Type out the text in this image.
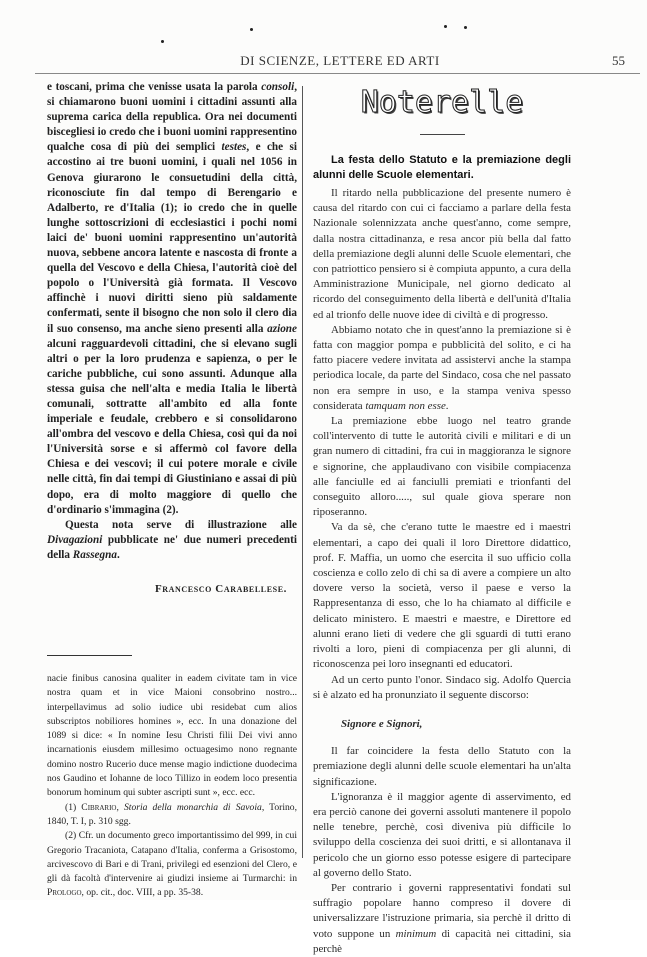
DI SCIENZE, LETTERE ED ARTI	55

e toscani, prima che venisse usata la parola consoli, si chiamarono buoni uomini i cittadini assunti alla suprema carica della republica. Ora nei documenti biscegliesi io credo che i buoni uomini rappresentino qualche cosa di più dei semplici testes, e che si accostino ai tre buoni uomini, i quali nel 1056 in Genova giurarono le consuetudini della città, riconosciute fin dal tempo di Berengario e Adalberto, re d'Italia (1); io credo che in quelle lunghe sottoscrizioni di ecclesiastici i pochi nomi laici de' buoni uomini rappresentino un'autorità nuova, sebbene ancora latente e nascosta di fronte a quella del Vescovo e della Chiesa, l'autorità cioè del popolo o l'Università già formata. Il Vescovo affinchè i nuovi diritti sieno più saldamente confermati, sente il bisogno che non solo il clero dia il suo consenso, ma anche sieno presenti alla azione alcuni ragguardevoli cittadini, che si elevano sugli altri o per la loro prudenza e sapienza, o per le cariche pubbliche, cui sono assunti. Adunque alla stessa guisa che nell'alta e media Italia le libertà comunali, sottratte all'ambito ed alla fonte imperiale e feudale, crebbero e si consolidarono all'ombra del vescovo e della Chiesa, così qui da noi l'Università sorse e si affermò col favore della Chiesa e dei vescovi; il cui potere morale e civile nelle città, fin dai tempi di Giustiniano e assai di più dopo, era di molto maggiore di quello che d'ordinario s'immagina (2).

Questa nota serve di illustrazione alle Divagazioni pubblicate ne' due numeri precedenti della Rassegna.

Francesco Carabellese.

nacie finibus canosina qualiter in eadem civitate tam in vice nostra quam et in vice Maioni consobrino nostro... interpellavimus ad solio iudice ubi residebat cum alios subscriptos nobiliores homines », ecc. In una donazione del 1089 si dice: « In nomine Iesu Christi filii Dei vivi anno incarnationis eiusdem millesimo octuagesimo nono regnante domino nostro Rucerio duce mense magio indictione duodecima nos Gaudino et Iohanne de loco Tillizo in eodem loco presentia bonorum hominum qui subter ascripti sunt », ecc. ecc.

(1) Cibrario, Storia della monarchia di Savoia, Torino, 1840, T. I, p. 310 sgg.

(2) Cfr. un documento greco importantissimo del 999, in cui Gregorio Tracaniota, Catapano d'Italia, conferma a Grisostomo, arcivescovo di Bari e di Trani, privilegi ed esenzioni del Clero, e gli dà facoltà d'intervenire ai giudizi insieme ai Turmarchi: in Prologo, op. cit., doc. VIII, a pp. 35-38.

Noterelle
La festa dello Statuto e la premiazione degli alunni delle Scuole elementari.

Il ritardo nella pubblicazione del presente numero è causa del ritardo con cui ci facciamo a parlare della festa Nazionale solennizzata anche quest'anno, come sempre, dalla nostra cittadinanza, e resa ancor più bella dal fatto della premiazione degli alunni delle Scuole elementari, che con patriottico pensiero si è compiuta appunto, a cura della Amministrazione Municipale, nel giorno dedicato al ricordo del conseguimento della libertà e dell'unità d'Italia ed al trionfo delle nuove idee di civiltà e di progresso.

Abbiamo notato che in quest'anno la premiazione si è fatta con maggior pompa e pubblicità del solito, e ci ha fatto piacere vedere invitata ad assistervi anche la stampa periodica locale, da parte del Sindaco, cosa che nel passato non era sempre in uso, e la stampa veniva spesso considerata tamquam non esse.

La premiazione ebbe luogo nel teatro grande coll'intervento di tutte le autorità civili e militari e di un gran numero di cittadini, fra cui in maggioranza le signore e signorine, che applaudivano con visibile compiacenza alle fanciulle ed ai fanciulli premiati e trionfanti del conseguito alloro....., sul quale giova sperare non riposeranno.

Va da sè, che c'erano tutte le maestre ed i maestri elementari, a capo dei quali il loro Direttore didattico, prof. F. Maffia, un uomo che esercita il suo ufficio colla coscienza e collo zelo di chi sa di avere a compiere un alto dovere verso la società, verso il paese e verso la Rappresentanza di esso, che lo ha chiamato al difficile e delicato ministero. E maestri e maestre, e Direttore ed alunni erano lieti di vedere che gli sguardi di tutti erano rivolti a loro, pieni di compiacenza per gli alunni, di riconoscenza pei loro insegnanti ed educatori.

Ad un certo punto l'onor. Sindaco sig. Adolfo Quercia si è alzato ed ha pronunziato il seguente discorso:

Signore e Signori,

Il far coincidere la festa dello Statuto con la premiazione degli alunni delle scuole elementari ha un'alta significazione.

L'ignoranza è il maggior agente di asservimento, ed era perciò canone dei governi assoluti mantenere il popolo nelle tenebre, perchè, così diveniva più difficile lo sviluppo della coscienza dei suoi dritti, e si allontanava il pericolo che un giorno esso potesse esigere di partecipare al governo dello Stato.

Per contrario i governi rappresentativi fondati sul suffragio popolare hanno compreso il dovere di universalizzare l'istruzione primaria, sia perchè il dritto di voto suppone un minimum di capacità nei cittadini, sia perchè
